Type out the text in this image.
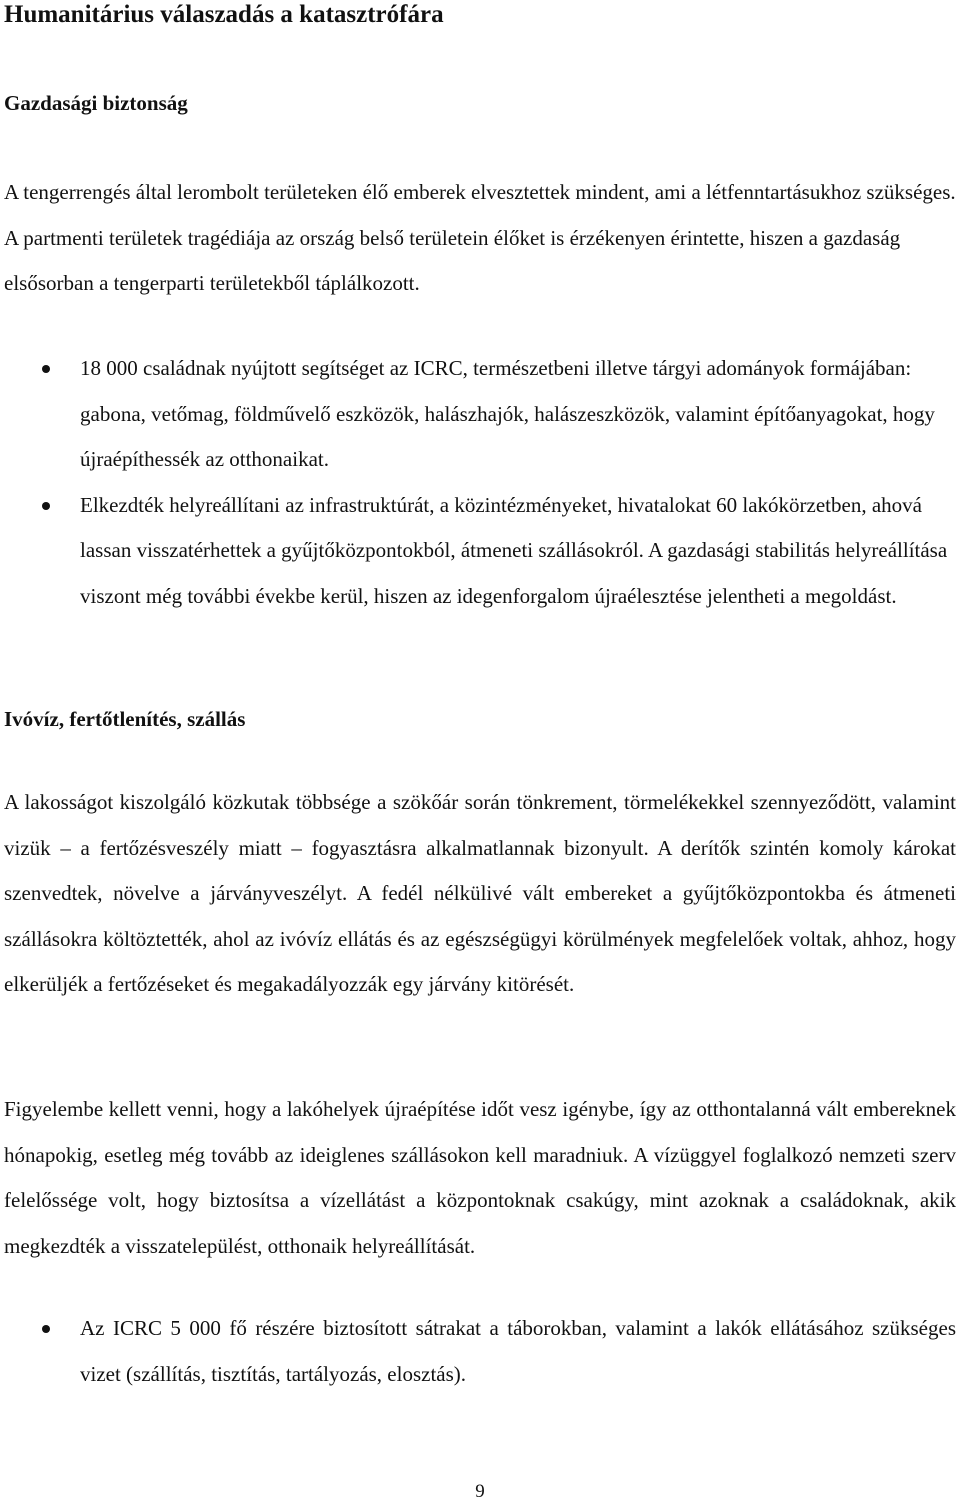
Humanitárius válaszadás a katasztrófára
Gazdasági biztonság

A tengerrengés által lerombolt területeken élő emberek elvesztettek mindent, ami a létfenntartásukhoz szükséges. A partmenti területek tragédiája az ország belső területein élőket is érzékenyen érintette, hiszen a gazdaság elsősorban a tengerparti területekből táplálkozott.

18 000 családnak nyújtott segítséget az ICRC, természetbeni illetve tárgyi adományok formájában: gabona, vetőmag, földművelő eszközök, halászhajók, halászeszközök, valamint építőanyagokat, hogy újraépíthessék az otthonaikat.
Elkezdték helyreállítani az infrastruktúrát, a közintézményeket, hivatalokat 60 lakókörzetben, ahová lassan visszatérhettek a gyűjtőközpontokból, átmeneti szállásokról. A gazdasági stabilitás helyreállítása viszont még további évekbe kerül, hiszen az idegenforgalom újraélesztése jelentheti a megoldást.
Ivóvíz, fertőtlenítés, szállás

A lakosságot kiszolgáló közkutak többsége a szökőár során tönkrement, törmelékekkel szennyeződött, valamint vizük – a fertőzésveszély miatt – fogyasztásra alkalmatlannak bizonyult. A derítők szintén komoly károkat szenvedtek, növelve a járványveszélyt. A fedél nélkülivé vált embereket a gyűjtőközpontokba és átmeneti szállásokra költöztették, ahol az ivóvíz ellátás és az egészségügyi körülmények megfelelőek voltak, ahhoz, hogy elkerüljék a fertőzéseket és megakadályozzák egy járvány kitörését.

Figyelembe kellett venni, hogy a lakóhelyek újraépítése időt vesz igénybe, így az otthontalanná vált embereknek hónapokig, esetleg még tovább az ideiglenes szállásokon kell maradniuk. A vízüggyel foglalkozó nemzeti szerv felelőssége volt, hogy biztosítsa a vízellátást a központoknak csakúgy, mint azoknak a családoknak, akik megkezdték a visszatelepülést, otthonaik helyreállítását.

Az ICRC 5 000 fő részére biztosított sátrakat a táborokban, valamint a lakók ellátásához szükséges vizet (szállítás, tisztítás, tartályozás, elosztás).
9
